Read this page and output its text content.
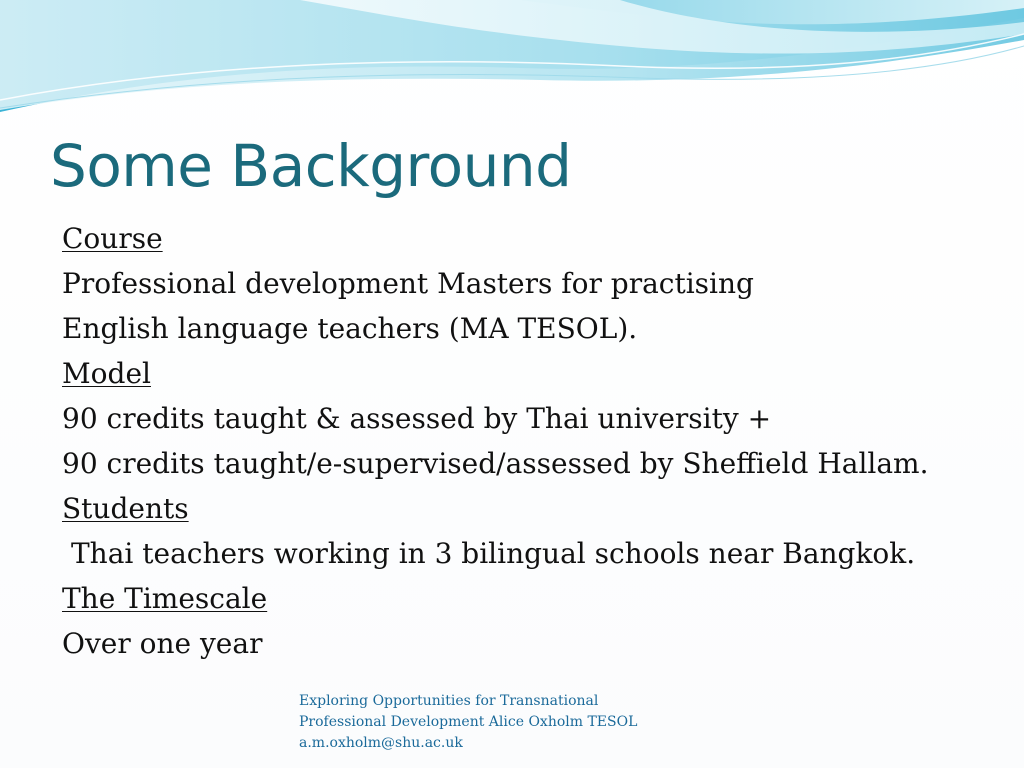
Some Background
Course
Professional development Masters for practising
English language teachers (MA TESOL).
Model
90 credits taught & assessed by Thai university +
90 credits taught/e-supervised/assessed by Sheffield Hallam.
Students
Thai teachers working in 3 bilingual schools near Bangkok.
The Timescale
Over one year
Exploring Opportunities for Transnational
Professional Development Alice Oxholm TESOL
a.m.oxholm@shu.ac.uk
